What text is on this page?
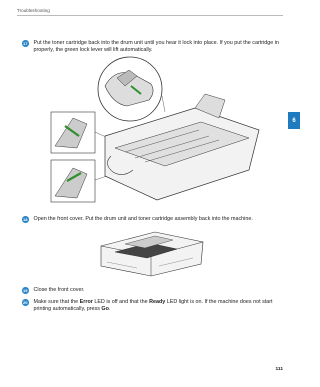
Troubleshooting
6
17 Put the toner cartridge back into the drum unit until you hear it lock into place. If you put the cartridge in properly, the green lock lever will lift automatically.
18 Open the front cover. Put the drum unit and toner cartridge assembly back into the machine.
19 Close the front cover.
20 Make sure that the Error LED is off and that the Ready LED light is on. If the machine does not start printing automatically, press Go.
111
